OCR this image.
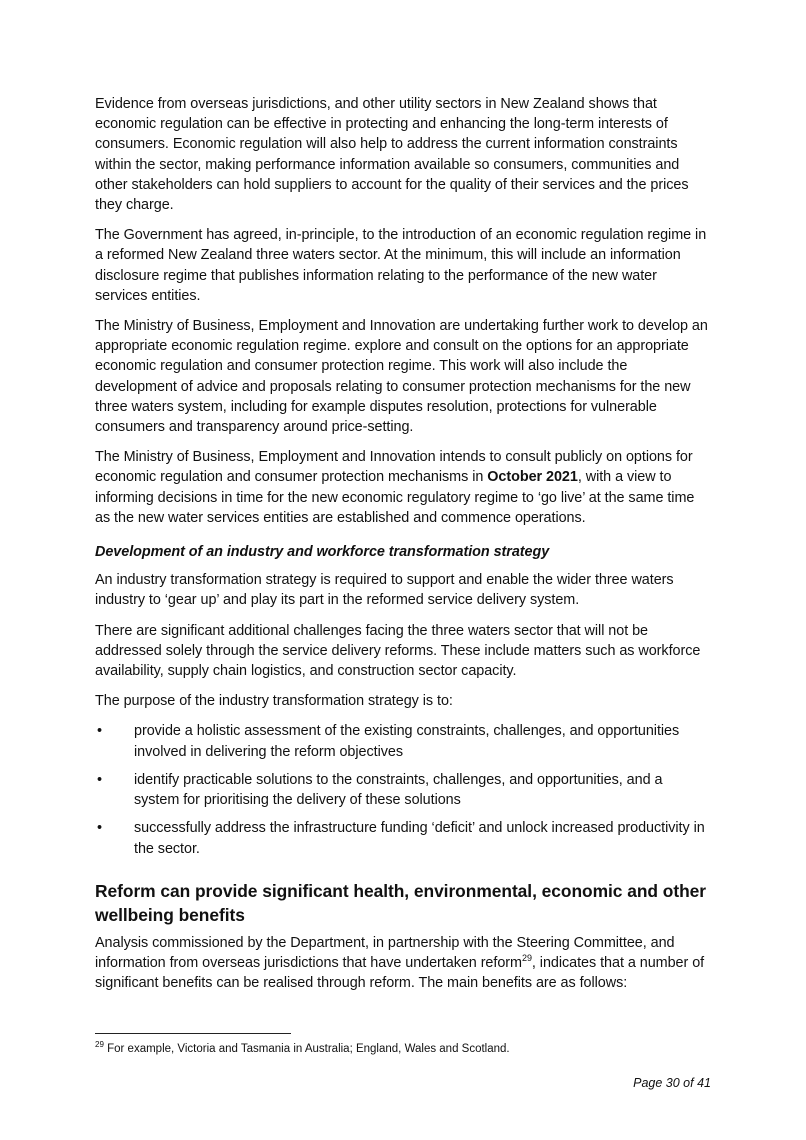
Evidence from overseas jurisdictions, and other utility sectors in New Zealand shows that economic regulation can be effective in protecting and enhancing the long-term interests of consumers. Economic regulation will also help to address the current information constraints within the sector, making performance information available so consumers, communities and other stakeholders can hold suppliers to account for the quality of their services and the prices they charge.

The Government has agreed, in-principle, to the introduction of an economic regulation regime in a reformed New Zealand three waters sector. At the minimum, this will include an information disclosure regime that publishes information relating to the performance of the new water services entities.

The Ministry of Business, Employment and Innovation are undertaking further work to develop an appropriate economic regulation regime. explore and consult on the options for an appropriate economic regulation and consumer protection regime. This work will also include the development of advice and proposals relating to consumer protection mechanisms for the new three waters system, including for example disputes resolution, protections for vulnerable consumers and transparency around price-setting.

The Ministry of Business, Employment and Innovation intends to consult publicly on options for economic regulation and consumer protection mechanisms in October 2021, with a view to informing decisions in time for the new economic regulatory regime to ‘go live’ at the same time as the new water services entities are established and commence operations.

Development of an industry and workforce transformation strategy

An industry transformation strategy is required to support and enable the wider three waters industry to ‘gear up’ and play its part in the reformed service delivery system.

There are significant additional challenges facing the three waters sector that will not be addressed solely through the service delivery reforms. These include matters such as workforce availability, supply chain logistics, and construction sector capacity.

The purpose of the industry transformation strategy is to:

• provide a holistic assessment of the existing constraints, challenges, and opportunities involved in delivering the reform objectives
• identify practicable solutions to the constraints, challenges, and opportunities, and a system for prioritising the delivery of these solutions
• successfully address the infrastructure funding ‘deficit’ and unlock increased productivity in the sector.
Reform can provide significant health, environmental, economic and other wellbeing benefits

Analysis commissioned by the Department, in partnership with the Steering Committee, and information from overseas jurisdictions that have undertaken reform$^{29}$, indicates that a number of significant benefits can be realised through reform. The main benefits are as follows:

$^{29}$ For example, Victoria and Tasmania in Australia; England, Wales and Scotland.
Page 30 of 41
